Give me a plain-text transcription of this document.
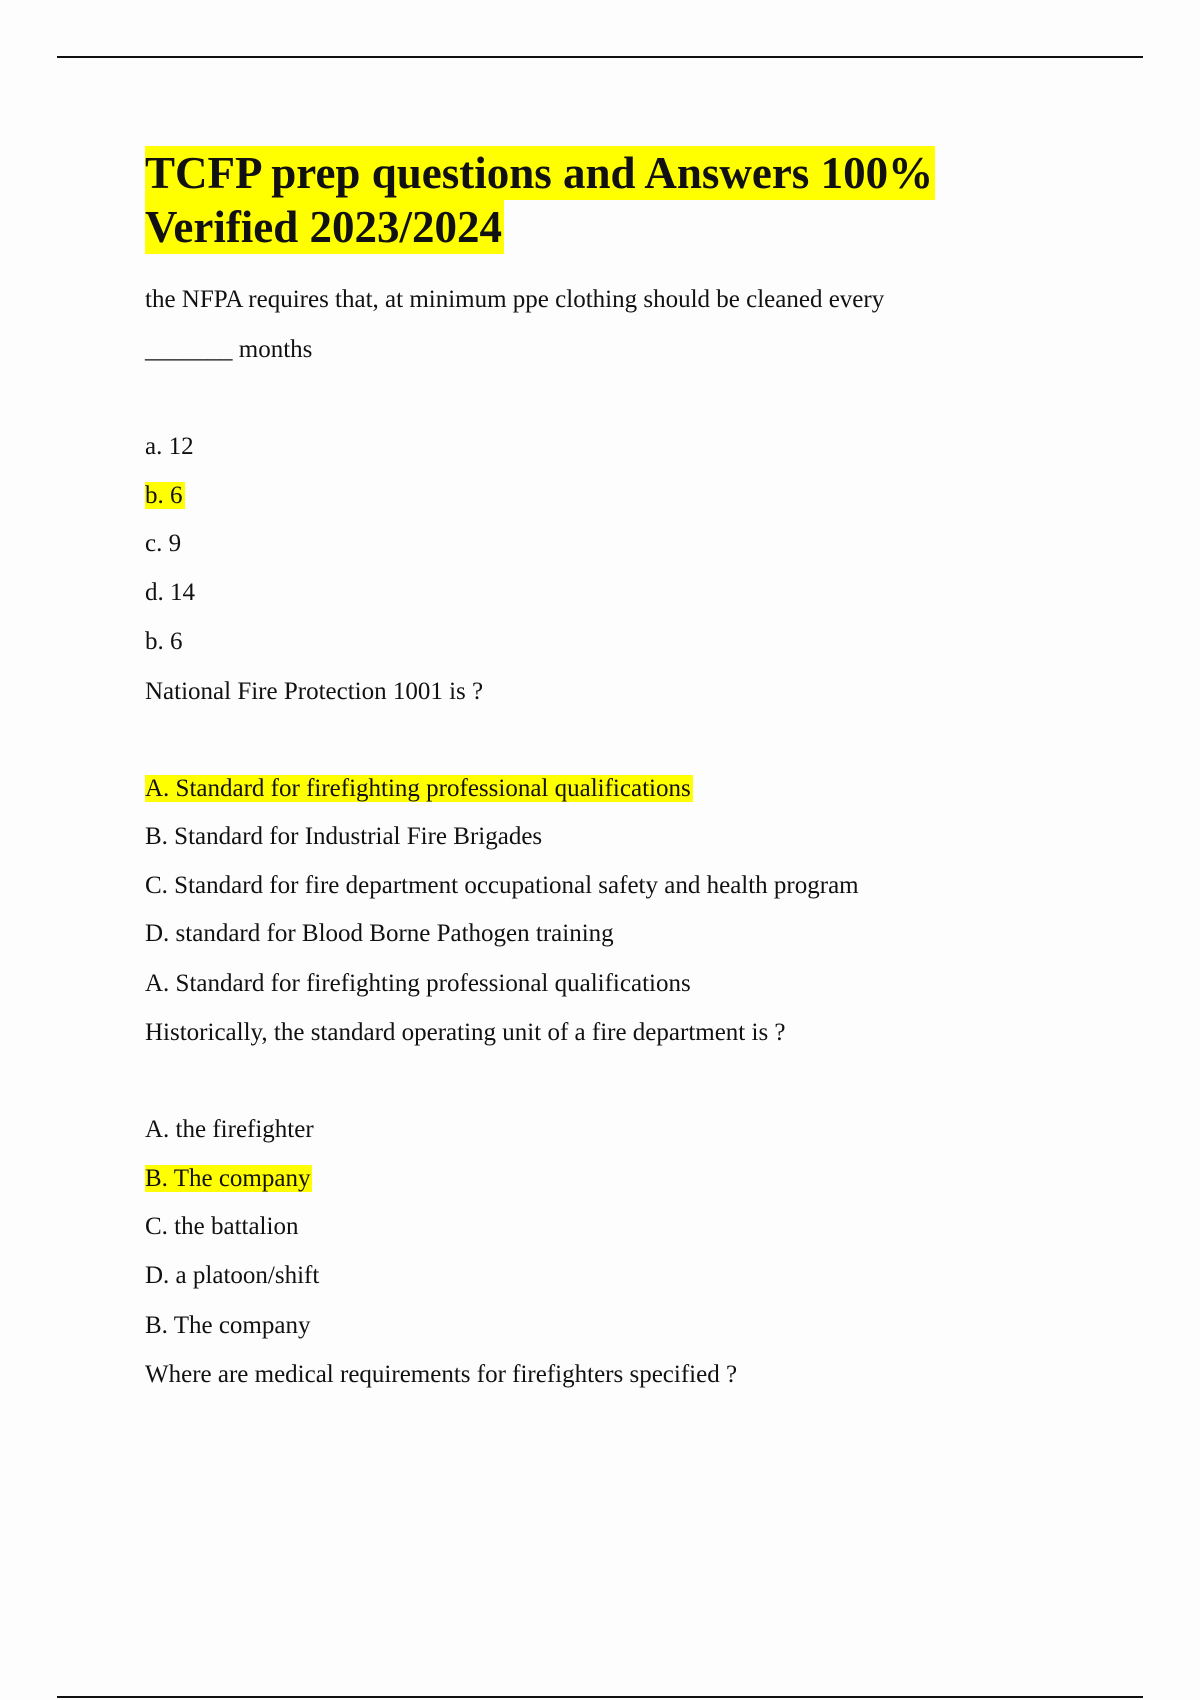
TCFP prep questions and Answers 100%
Verified 2023/2024
the NFPA requires that, at minimum ppe clothing should be cleaned every
_______ months
a. 12
b. 6
c. 9
d. 14
b. 6
National Fire Protection 1001 is ?
A. Standard for firefighting professional qualifications
B. Standard for Industrial Fire Brigades
C. Standard for fire department occupational safety and health program
D. standard for Blood Borne Pathogen training
A. Standard for firefighting professional qualifications
Historically, the standard operating unit of a fire department is ?
A. the firefighter
B. The company
C. the battalion
D. a platoon/shift
B. The company
Where are medical requirements for firefighters specified ?
